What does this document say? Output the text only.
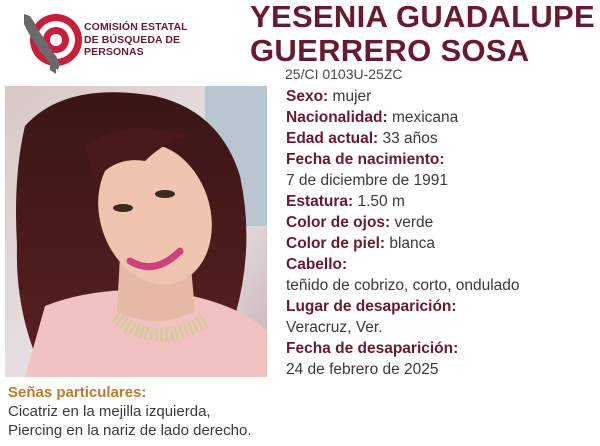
COMISIÓN ESTATAL
DE BÚSQUEDA DE
PERSONAS
YESENIA GUADALUPE
GUERRERO SOSA
25/CI 0103U-25ZC
Sexo: mujer
Nacionalidad: mexicana
Edad actual: 33 años
Fecha de nacimiento:
7 de diciembre de 1991
Estatura: 1.50 m
Color de ojos: verde
Color de piel: blanca
Cabello:
teñido de cobrizo, corto, ondulado
Lugar de desaparición:
Veracruz, Ver.
Fecha de desaparición:
24 de febrero de 2025
Señas particulares:
Cicatriz en la mejilla izquierda,
Piercing en la nariz de lado derecho.
